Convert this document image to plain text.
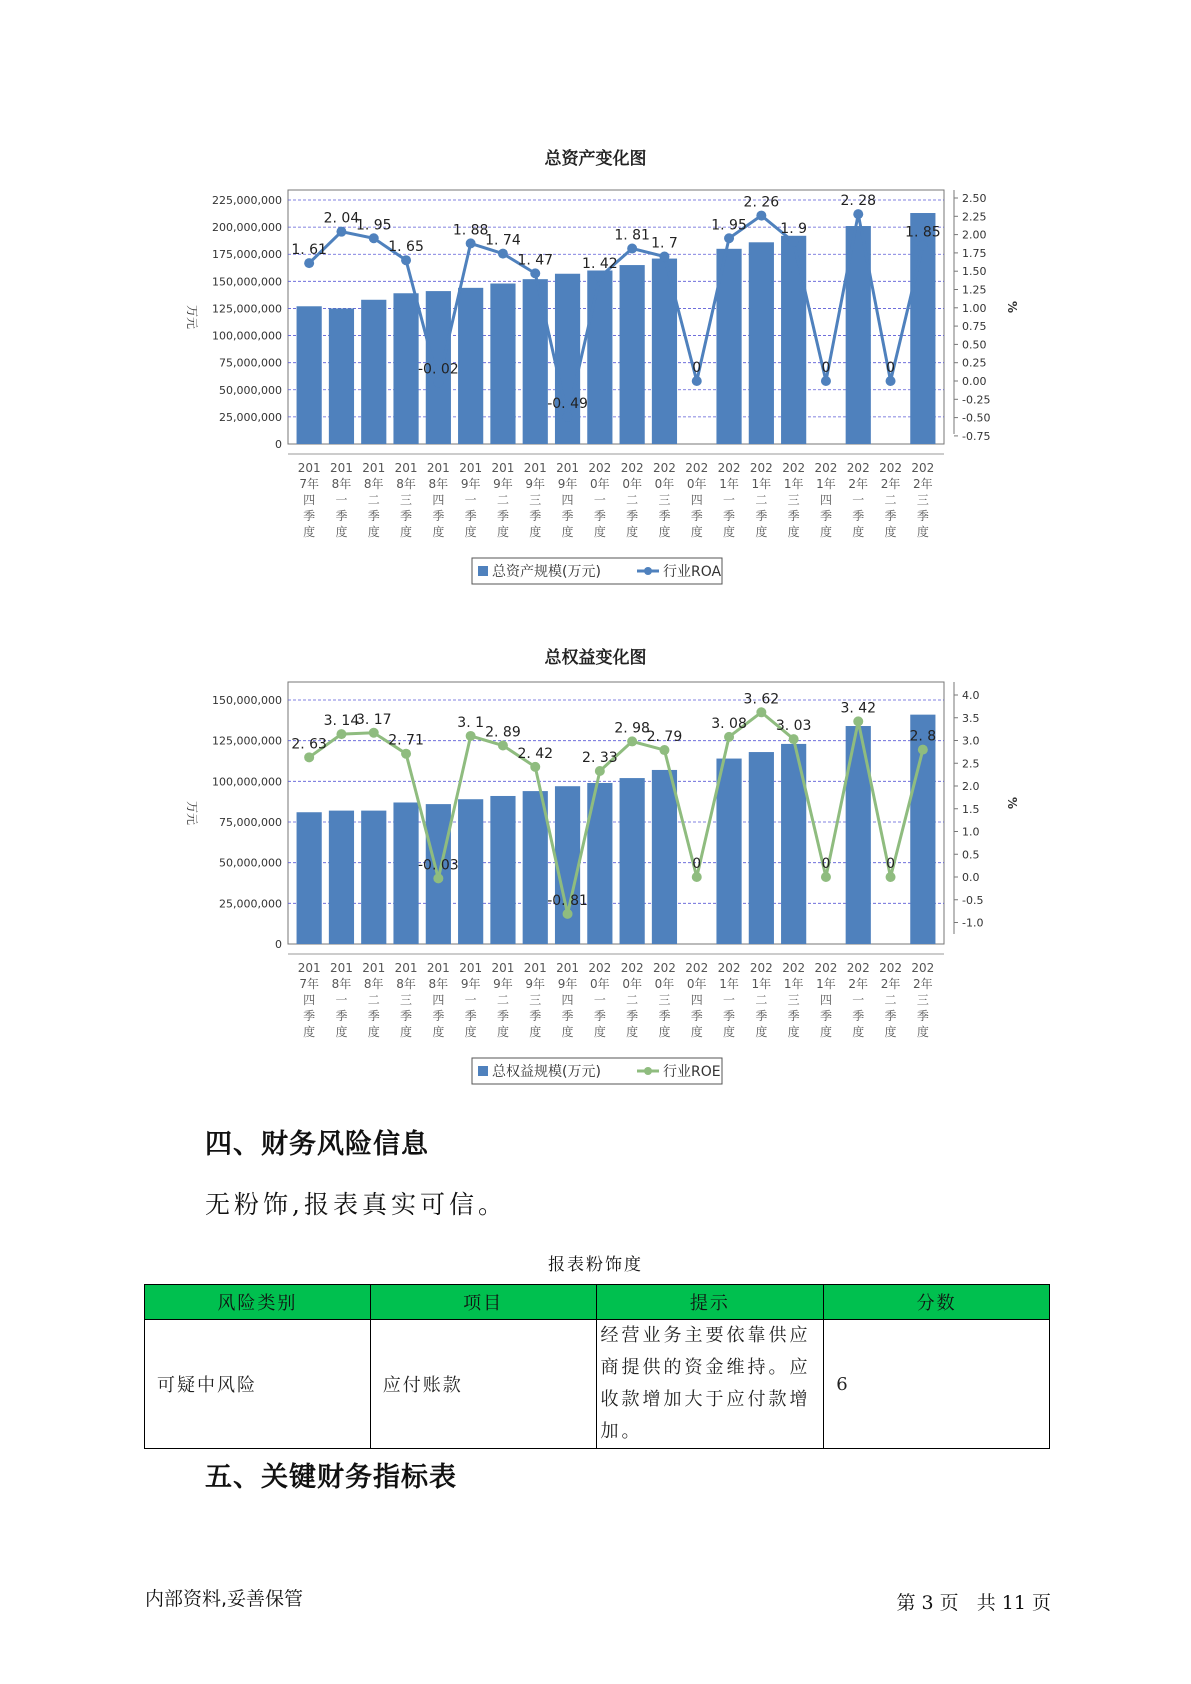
总资产变化图
0
25,000,000
50,000,000
75,000,000
100,000,000
125,000,000
150,000,000
175,000,000
200,000,000
225,000,000
-0.75
-0.50
-0.25
0.00
0.25
0.50
0.75
1.00
1.25
1.50
1.75
2.00
2.25
2.50
万元	%
1. 61
2. 04
1. 95
1. 65
-0. 02
1. 88
1. 74
1. 47
-0. 49
1. 42
1. 81
1. 7
0
1. 95
2. 26
1. 9
0
2. 28
0
1. 85
201 7年四季度
201 8年一季度
201 8年二季度
201 8年三季度
201 8年四季度
201 9年一季度
201 9年二季度
201 9年三季度
201 9年四季度
202 0年一季度
202 0年二季度
202 0年三季度
202 0年四季度
202 1年一季度
202 1年二季度
202 1年三季度
202 1年四季度
202 2年一季度
202 2年二季度
202 2年三季度
总资产规模(万元)	行业ROA
总权益变化图
0
25,000,000
50,000,000
75,000,000
100,000,000
125,000,000
150,000,000
-1.0
-0.5
0.0
0.5
1.0
1.5
2.0
2.5
3.0
3.5
4.0
万元	%
2. 63
3. 14
3. 17
2. 71
-0. 03
3. 1
2. 89
2. 42
-0. 81
2. 33
2. 98
2. 79
0
3. 08
3. 62
3. 03
0
3. 42
0
2. 8
201 7年四季度
201 8年一季度
201 8年二季度
201 8年三季度
201 8年四季度
201 9年一季度
201 9年二季度
201 9年三季度
201 9年四季度
202 0年一季度
202 0年二季度
202 0年三季度
202 0年四季度
202 1年一季度
202 1年二季度
202 1年三季度
202 1年四季度
202 2年一季度
202 2年二季度
202 2年三季度
总权益规模(万元)	行业ROE
四、财务风险信息
无粉饰,报表真实可信。
报表粉饰度
风险类别	项目	提示	分数
可疑中风险	应付账款	经营业务主要依靠供应商提供的资金维持。应收款增加大于应付款增加。	6
五、关键财务指标表
内部资料,妥善保管	第 3 页   共 11 页
